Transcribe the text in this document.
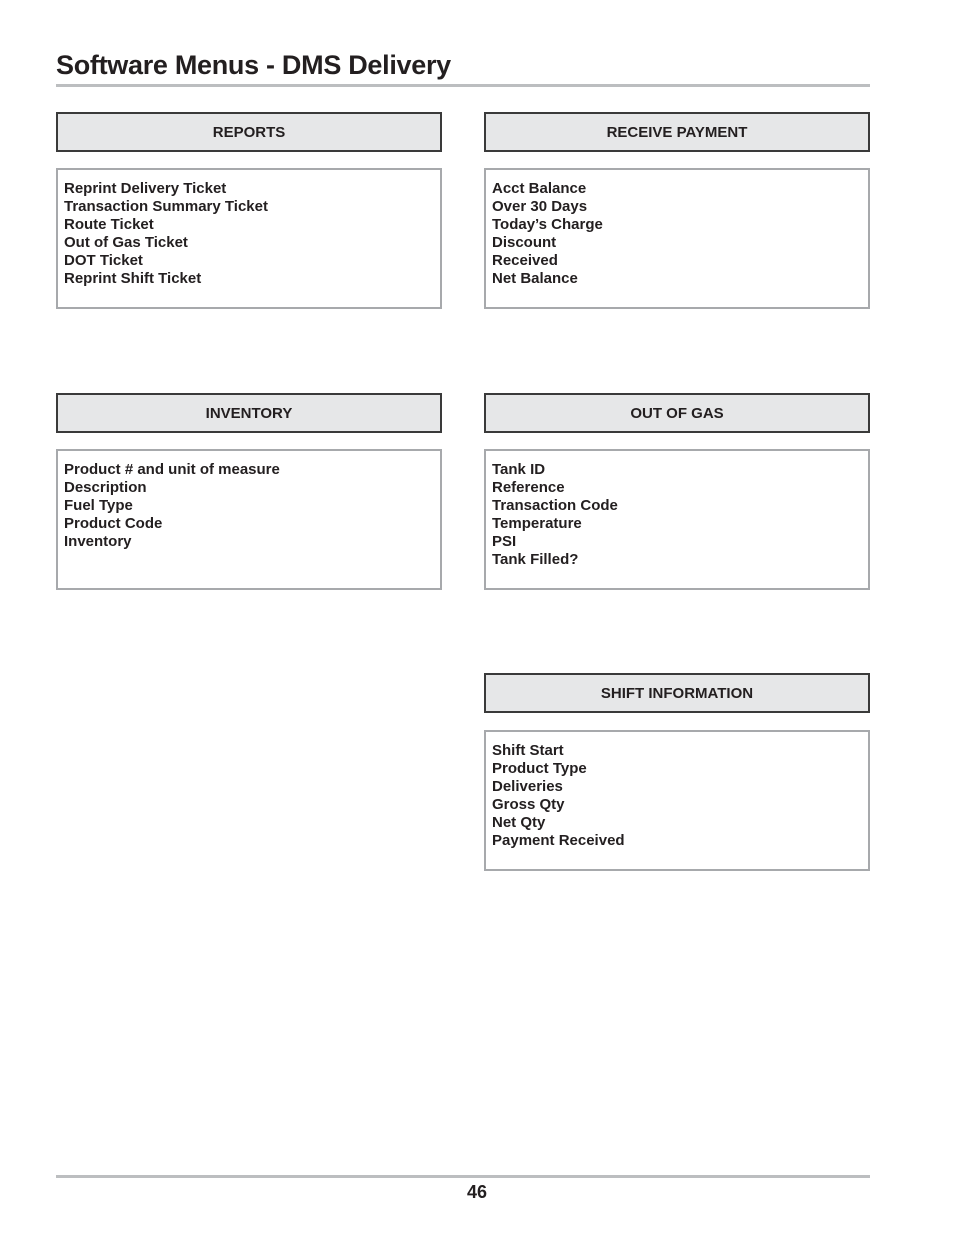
Software Menus - DMS Delivery
REPORTS
Reprint Delivery Ticket
Transaction Summary Ticket
Route Ticket
Out of Gas Ticket
DOT Ticket
Reprint Shift Ticket
RECEIVE PAYMENT
Acct Balance
Over 30 Days
Today’s Charge
Discount
Received
Net Balance
INVENTORY
Product # and unit of measure
Description
Fuel Type
Product Code
Inventory
OUT OF GAS
Tank ID
Reference
Transaction Code
Temperature
PSI
Tank Filled?
SHIFT INFORMATION
Shift Start
Product Type
Deliveries
Gross Qty
Net Qty
Payment Received
46
